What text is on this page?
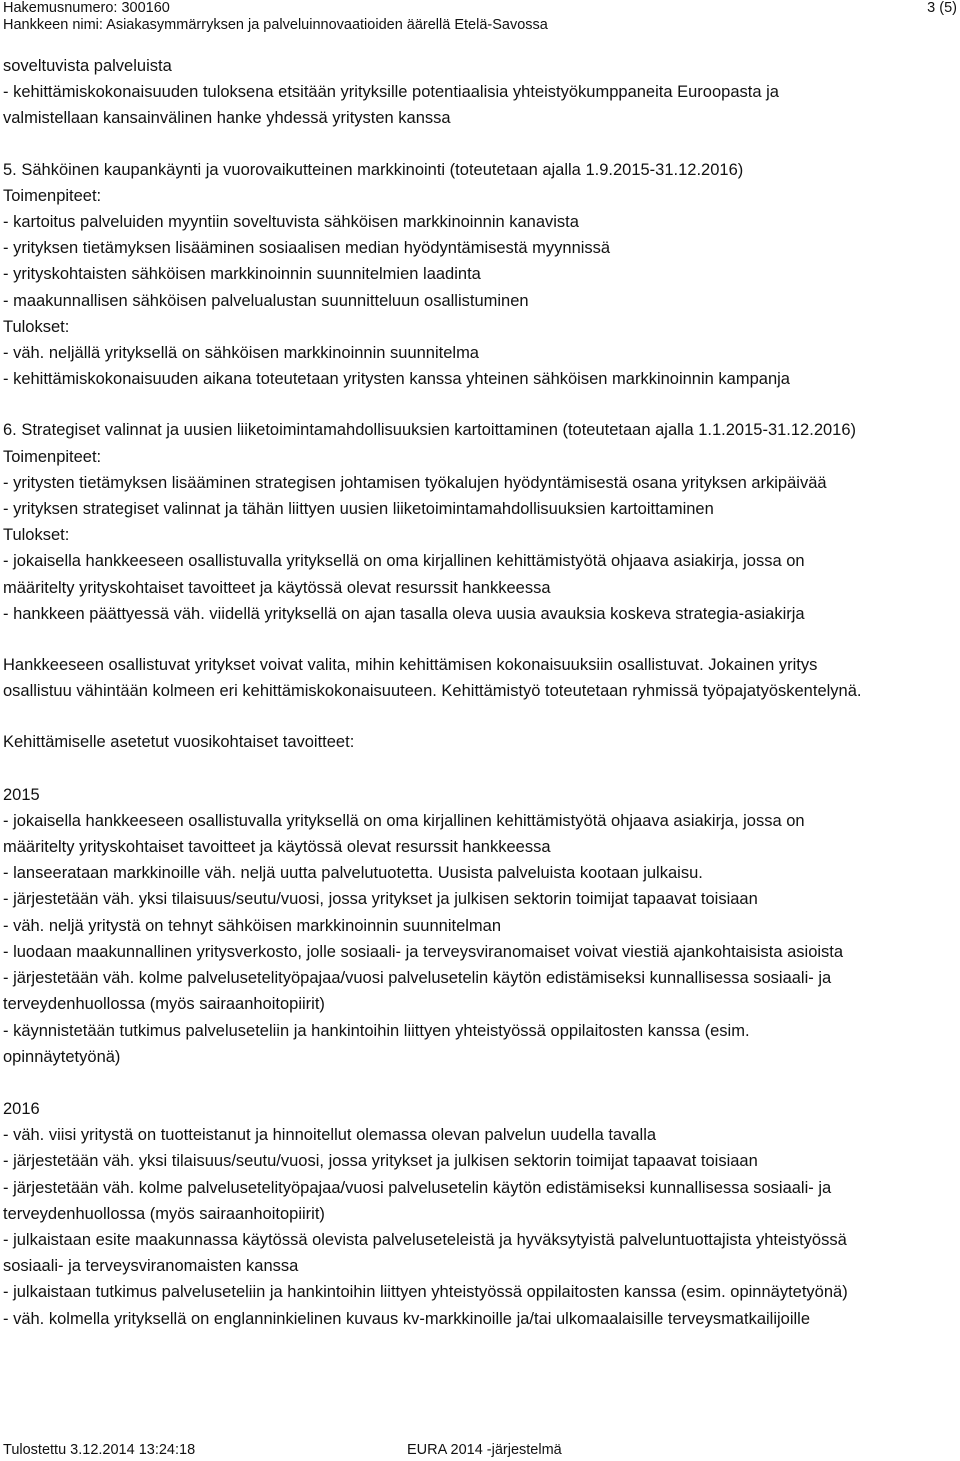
Hakemusnumero: 300160
Hankkeen nimi: Asiakasymmärryksen ja palveluinnovaatioiden äärellä Etelä-Savossa
3 (5)
soveltuvista palveluista
- kehittämiskokonaisuuden tuloksena etsitään yrityksille potentiaalisia yhteistyökumppaneita Euroopasta ja
valmistellaan kansainvälinen hanke yhdessä yritysten kanssa
5. Sähköinen kaupankäynti ja vuorovaikutteinen markkinointi (toteutetaan ajalla 1.9.2015-31.12.2016)
Toimenpiteet:
- kartoitus palveluiden myyntiin soveltuvista sähköisen markkinoinnin kanavista
- yrityksen tietämyksen lisääminen sosiaalisen median hyödyntämisestä myynnissä
- yrityskohtaisten sähköisen markkinoinnin suunnitelmien laadinta
- maakunnallisen sähköisen palvelualustan suunnitteluun osallistuminen
Tulokset:
- väh. neljällä yrityksellä on sähköisen markkinoinnin suunnitelma
- kehittämiskokonaisuuden aikana toteutetaan yritysten kanssa yhteinen sähköisen markkinoinnin kampanja
6. Strategiset valinnat ja uusien liiketoimintamahdollisuuksien kartoittaminen (toteutetaan ajalla 1.1.2015-31.12.2016)
Toimenpiteet:
- yritysten tietämyksen lisääminen strategisen johtamisen työkalujen hyödyntämisestä osana yrityksen arkipäivää
- yrityksen strategiset valinnat ja tähän liittyen uusien liiketoimintamahdollisuuksien kartoittaminen
Tulokset:
- jokaisella hankkeeseen osallistuvalla yrityksellä on oma kirjallinen kehittämistyötä ohjaava asiakirja, jossa on
määritelty yrityskohtaiset tavoitteet ja käytössä olevat resurssit hankkeessa
- hankkeen päättyessä väh. viidellä yrityksellä on ajan tasalla oleva uusia avauksia koskeva strategia-asiakirja
Hankkeeseen osallistuvat yritykset voivat valita, mihin kehittämisen kokonaisuuksiin osallistuvat. Jokainen yritys
osallistuu vähintään kolmeen eri kehittämiskokonaisuuteen. Kehittämistyö toteutetaan ryhmissä työpajatyöskentelynä.
Kehittämiselle asetetut vuosikohtaiset tavoitteet:
2015
- jokaisella hankkeeseen osallistuvalla yrityksellä on oma kirjallinen kehittämistyötä ohjaava asiakirja, jossa on
määritelty yrityskohtaiset tavoitteet ja käytössä olevat resurssit hankkeessa
- lanseerataan markkinoille väh. neljä uutta palvelutuotetta. Uusista palveluista kootaan julkaisu.
- järjestetään väh. yksi tilaisuus/seutu/vuosi, jossa yritykset ja julkisen sektorin toimijat tapaavat toisiaan
- väh. neljä yritystä on tehnyt sähköisen markkinoinnin suunnitelman
- luodaan maakunnallinen yritysverkosto, jolle sosiaali- ja terveysviranomaiset voivat viestiä ajankohtaisista asioista
- järjestetään väh. kolme palvelusetelityöpajaa/vuosi palvelusetelin käytön edistämiseksi kunnallisessa sosiaali- ja
terveydenhuollossa (myös sairaanhoitopiirit)
- käynnistetään tutkimus palveluseteliin ja hankintoihin liittyen yhteistyössä oppilaitosten kanssa (esim.
opinnäytetyönä)
2016
- väh. viisi yritystä on tuotteistanut ja hinnoitellut olemassa olevan palvelun uudella tavalla
- järjestetään väh. yksi tilaisuus/seutu/vuosi, jossa yritykset ja julkisen sektorin toimijat tapaavat toisiaan
- järjestetään väh. kolme palvelusetelityöpajaa/vuosi palvelusetelin käytön edistämiseksi kunnallisessa sosiaali- ja
terveydenhuollossa (myös sairaanhoitopiirit)
- julkaistaan esite maakunnassa käytössä olevista palveluseteleistä ja hyväksytyistä palveluntuottajista yhteistyössä
sosiaali- ja terveysviranomaisten kanssa
- julkaistaan tutkimus palveluseteliin ja hankintoihin liittyen yhteistyössä oppilaitosten kanssa (esim. opinnäytetyönä)
- väh. kolmella yrityksellä on englanninkielinen kuvaus kv-markkinoille ja/tai ulkomaalaisille terveysmatkailijoille
Tulostettu 3.12.2014 13:24:18	EURA 2014 -järjestelmä
